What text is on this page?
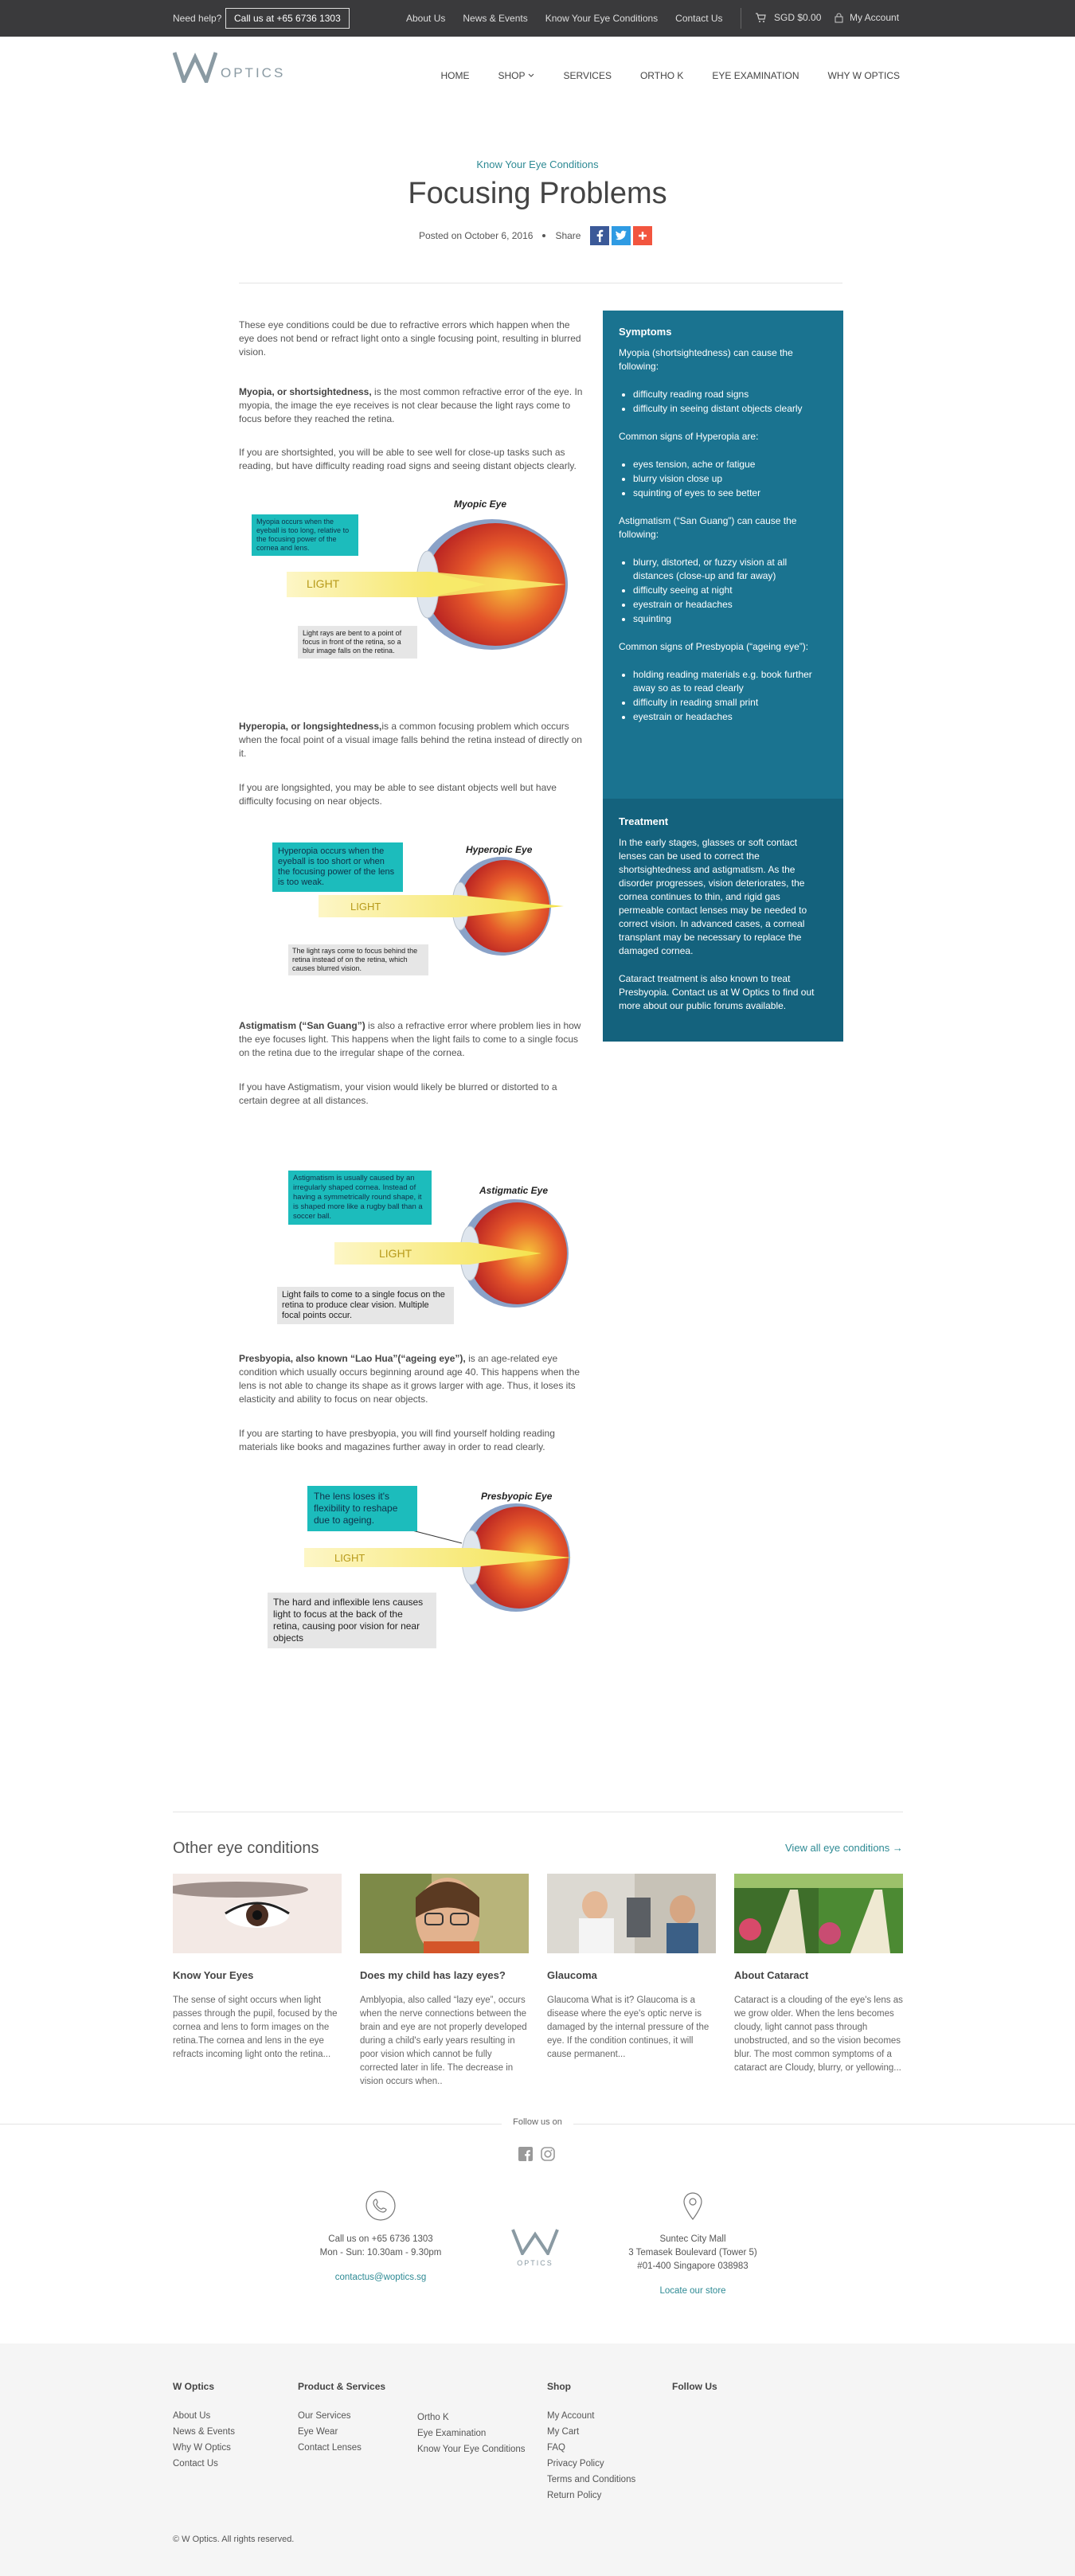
Need help?	Call us at +65 6736 1303	About Us News & Events Know Your Eye Conditions Contact Us	SGD $0.00	My Account
OPTICS	HOME	SHOP	SERVICES	ORTHO K	EYE EXAMINATION	WHY W OPTICS
Know Your Eye Conditions
Focusing Problems
Posted on October 6, 2016 Share

These eye conditions could be due to refractive errors which happen when the eye does not bend or refract light onto a single focusing point, resulting in blurred vision.

Myopia, or shortsightedness, is the most common refractive error of the eye. In myopia, the image the eye receives is not clear because the light rays come to focus before they reached the retina.

If you are shortsighted, you will be able to see well for close-up tasks such as reading, but have difficulty reading road signs and seeing distant objects clearly.

Myopic Eye
Myopia occurs when the eyeball is too long, relative to the focusing power of the cornea and lens.
LIGHT
Light rays are bent to a point of focus in front of the retina, so a blur image falls on the retina.

Hyperopia, or longsightedness,is a common focusing problem which occurs when the focal point of a visual image falls behind the retina instead of directly on it.

If you are longsighted, you may be able to see distant objects well but have difficulty focusing on near objects.

Hyperopic Eye
Hyperopia occurs when the eyeball is too short or when the focusing power of the lens is too weak.
LIGHT
The light rays come to focus behind the retina instead of on the retina, which causes blurred vision.

Astigmatism (“San Guang”) is also a refractive error where problem lies in how the eye focuses light. This happens when the light fails to come to a single focus on the retina due to the irregular shape of the cornea.

If you have Astigmatism, your vision would likely be blurred or distorted to a certain degree at all distances.

Astigmatic Eye
Astigmatism is usually caused by an irregularly shaped cornea. Instead of having a symmetrically round shape, it is shaped more like a rugby ball than a soccer ball.
LIGHT
Light fails to come to a single focus on the retina to produce clear vision. Multiple focal points occur.

Presbyopia, also known “Lao Hua”(“ageing eye”), is an age-related eye condition which usually occurs beginning around age 40. This happens when the lens is not able to change its shape as it grows larger with age. Thus, it loses its elasticity and ability to focus on near objects.

If you are starting to have presbyopia, you will find yourself holding reading materials like books and magazines further away in order to read clearly.

Presbyopic Eye
The lens loses it's flexibility to reshape due to ageing.
LIGHT
The hard and inflexible lens causes light to focus at the back of the retina, causing poor vision for near objects
Symptoms

Myopia (shortsightedness) can cause the following:

• difficulty reading road signs
• difficulty in seeing distant objects clearly

Common signs of Hyperopia are:

• eyes tension, ache or fatigue
• blurry vision close up
• squinting of eyes to see better

Astigmatism (“San Guang”) can cause the following:

• blurry, distorted, or fuzzy vision at all distances (close-up and far away)
• difficulty seeing at night
• eyestrain or headaches
• squinting

Common signs of Presbyopia (“ageing eye”):

• holding reading materials e.g. book further away so as to read clearly
• difficulty in reading small print
• eyestrain or headaches
Treatment

In the early stages, glasses or soft contact lenses can be used to correct the shortsightedness and astigmatism. As the disorder progresses, vision deteriorates, the cornea continues to thin, and rigid gas permeable contact lenses may be needed to correct vision. In advanced cases, a corneal transplant may be necessary to replace the damaged cornea.

Cataract treatment is also known to treat Presbyopia. Contact us at W Optics to find out more about our public forums available.

Other eye conditions	View all eye conditions →
Know Your Eyes

The sense of sight occurs when light passes through the pupil, focused by the cornea and lens to form images on the retina.The cornea and lens in the eye refracts incoming light onto the retina...

Does my child has lazy eyes?

Amblyopia, also called “lazy eye”, occurs when the nerve connections between the brain and eye are not properly developed during a child's early years resulting in poor vision which cannot be fully corrected later in life. The decrease in vision occurs when..

Glaucoma

Glaucoma What is it? Glaucoma is a disease where the eye's optic nerve is damaged by the internal pressure of the eye. If the condition continues, it will cause permanent...

About Cataract

Cataract is a clouding of the eye's lens as we grow older. When the lens becomes cloudy, light cannot pass through unobstructed, and so the vision becomes blur. The most common symptoms of a cataract are Cloudy, blurry, or yellowing...

Follow us on
Call us on +65 6736 1303
Mon - Sun: 10.30am - 9.30pm
contactus@woptics.sg
OPTICS
Suntec City Mall
3 Temasek Boulevard (Tower 5)
#01-400 Singapore 038983
Locate our store
W Optics
About Us
News & Events
Why W Optics
Contact Us
Product & Services
Our Services
Eye Wear
Contact Lenses
Ortho K
Eye Examination
Know Your Eye Conditions
Shop
My Account
My Cart
FAQ
Privacy Policy
Terms and Conditions
Return Policy
Follow Us
© W Optics. All rights reserved.
